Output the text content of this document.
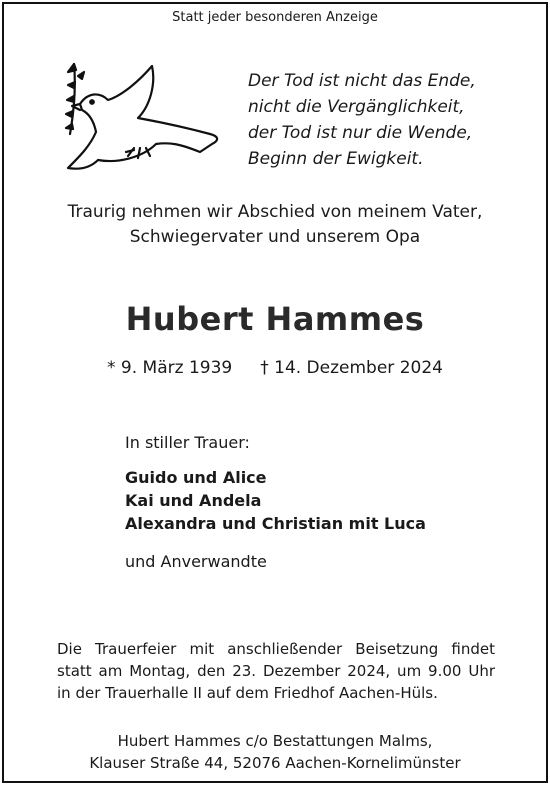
Statt jeder besonderen Anzeige
Der Tod ist nicht das Ende,
nicht die Vergänglichkeit,
der Tod ist nur die Wende,
Beginn der Ewigkeit.
Traurig nehmen wir Abschied von meinem Vater,
Schwiegervater und unserem Opa
Hubert Hammes
* 9. März 1939 † 14. Dezember 2024
In stiller Trauer:
Guido und Alice
Kai und Andela
Alexandra und Christian mit Luca
und Anverwandte
Die Trauerfeier mit anschließender Beisetzung findet
statt am Montag, den 23. Dezember 2024, um 9.00 Uhr
in der Trauerhalle II auf dem Friedhof Aachen-Hüls.
Hubert Hammes c/o Bestattungen Malms,
Klauser Straße 44, 52076 Aachen-Kornelimünster
